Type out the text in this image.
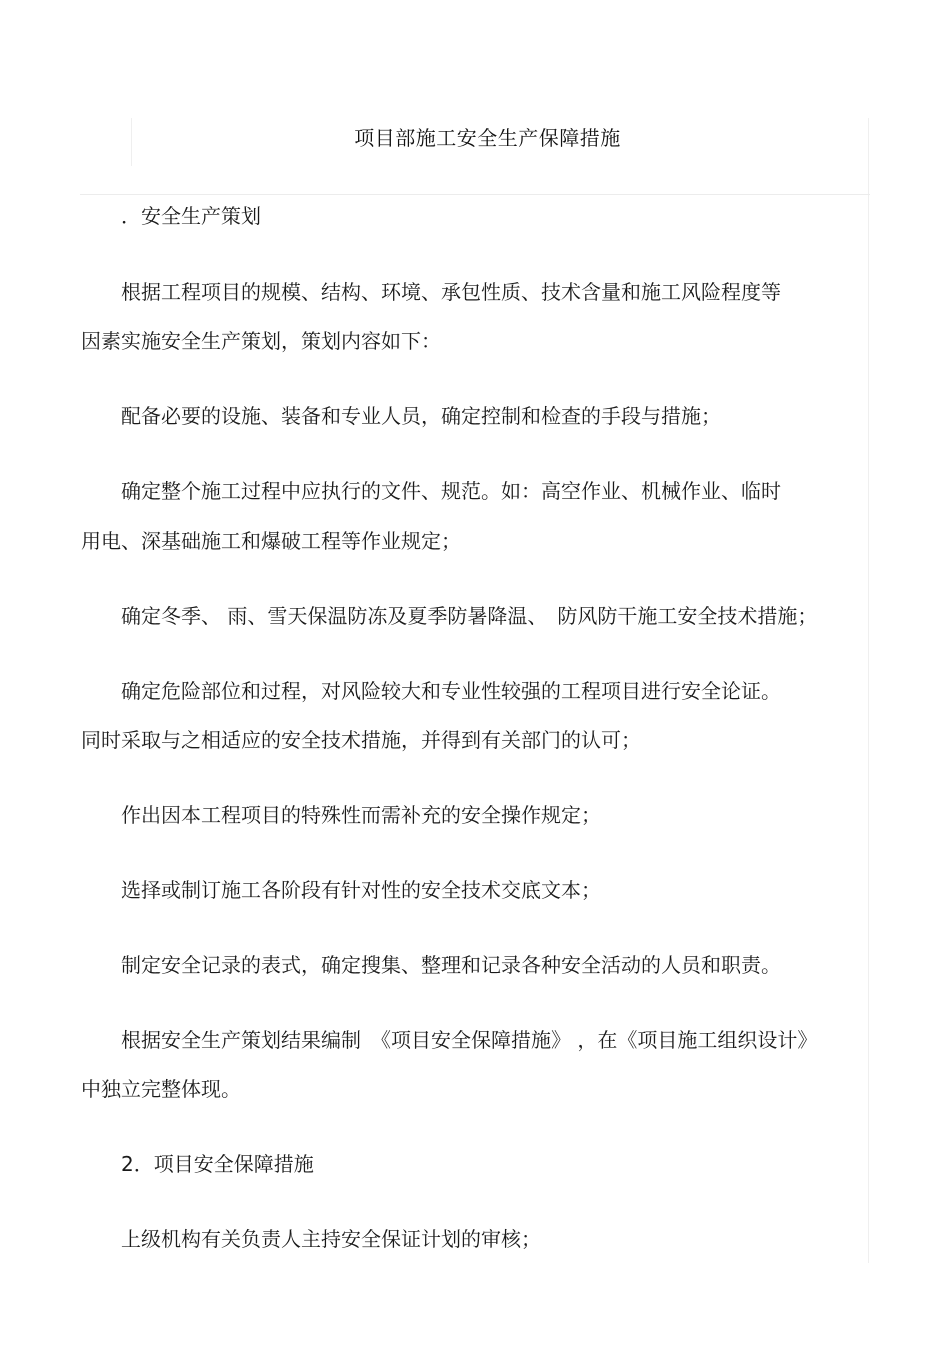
项目部施工安全生产保障措施
．安全生产策划
根据工程项目的规模、结构、环境、承包性质、技术含量和施工风险程度等
因素实施安全生产策划，策划内容如下：
配备必要的设施、装备和专业人员，确定控制和检查的手段与措施；
确定整个施工过程中应执行的文件、规范。如：高空作业、机械作业、临时
用电、深基础施工和爆破工程等作业规定；
确定冬季、 雨、雪天保温防冻及夏季防暑降温、　防风防干施工安全技术措施；
确定危险部位和过程，对风险较大和专业性较强的工程项目进行安全论证。
同时采取与之相适应的安全技术措施，并得到有关部门的认可；
作出因本工程项目的特殊性而需补充的安全操作规定；
选择或制订施工各阶段有针对性的安全技术交底文本；
制定安全记录的表式，确定搜集、整理和记录各种安全活动的人员和职责。
根据安全生产策划结果编制　《项目安全保障措施》 ，在《项目施工组织设计》
中独立完整体现。
2．项目安全保障措施
上级机构有关负责人主持安全保证计划的审核；
